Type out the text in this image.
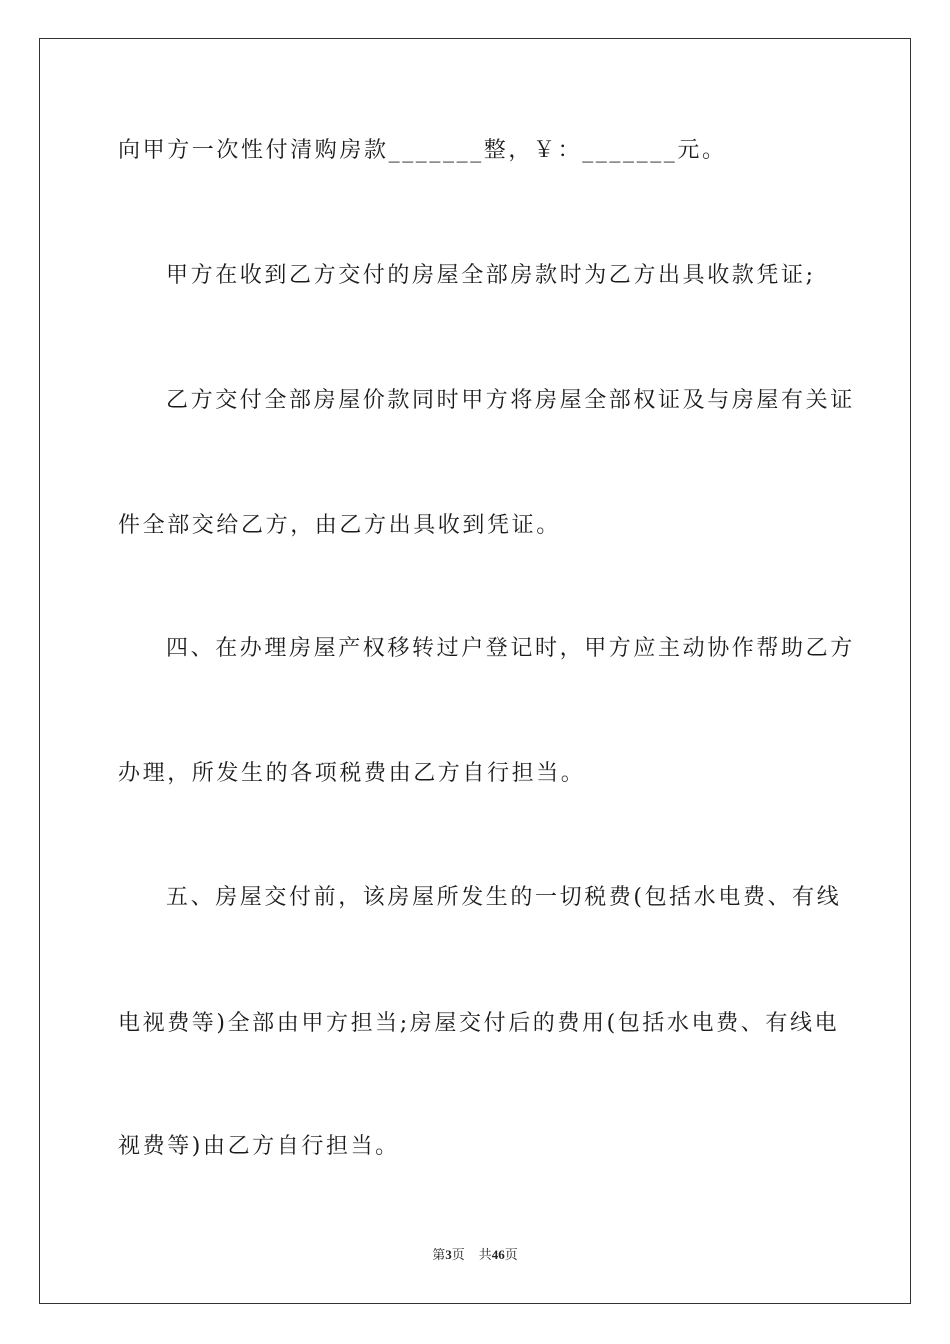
向甲方一次性付清购房款_______整，￥：_______元。
甲方在收到乙方交付的房屋全部房款时为乙方出具收款凭证;
乙方交付全部房屋价款同时甲方将房屋全部权证及与房屋有关证
件全部交给乙方，由乙方出具收到凭证。
四、在办理房屋产权移转过户登记时，甲方应主动协作帮助乙方
办理，所发生的各项税费由乙方自行担当。
五、房屋交付前，该房屋所发生的一切税费(包括水电费、有线
电视费等)全部由甲方担当;房屋交付后的费用(包括水电费、有线电
视费等)由乙方自行担当。
第3页 共46页
